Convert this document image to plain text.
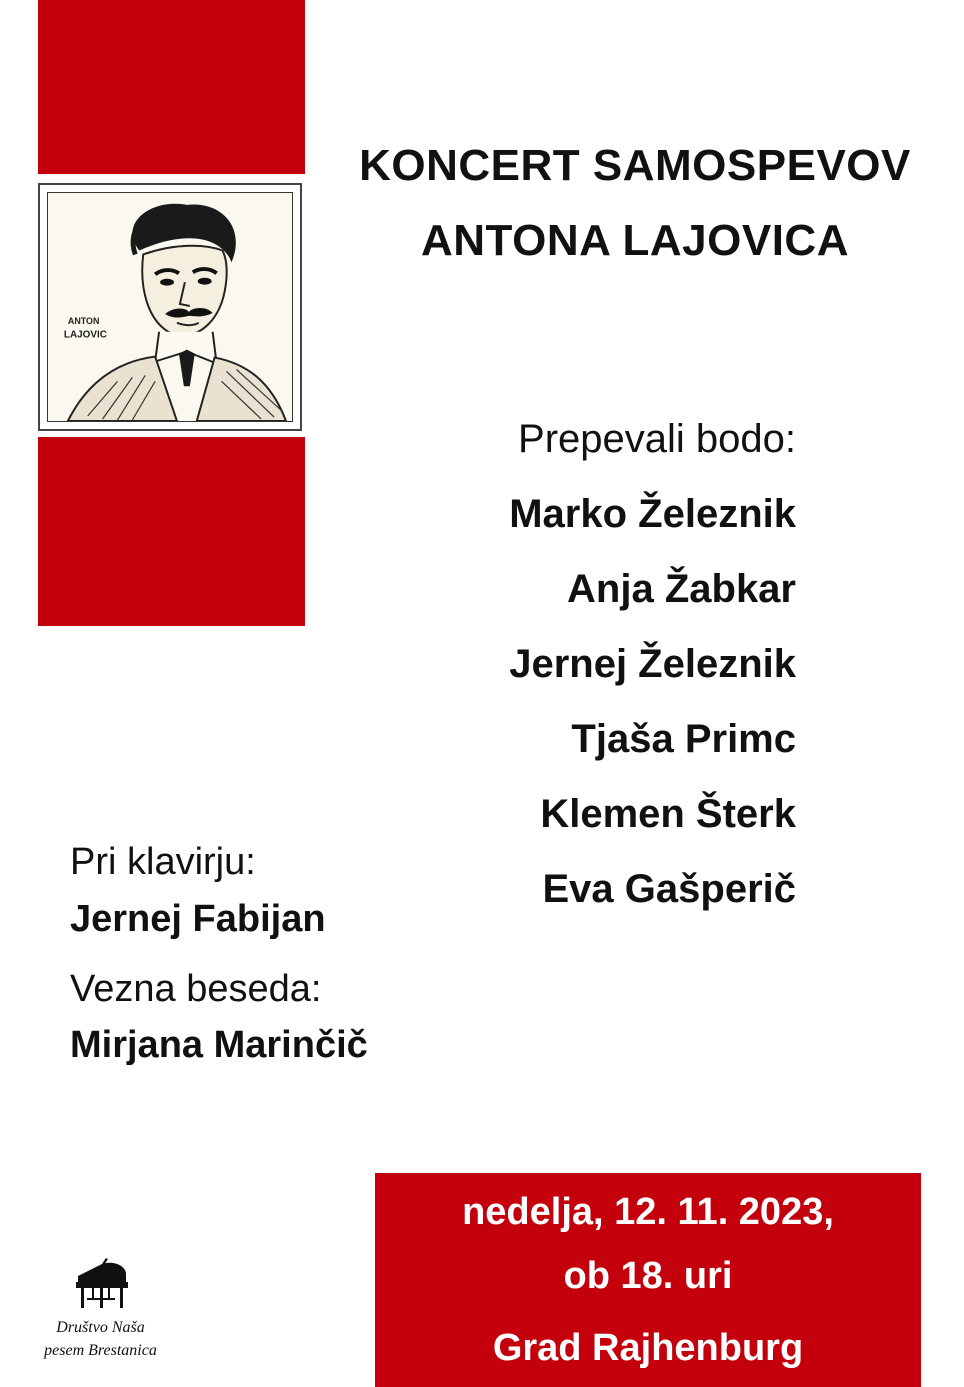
ANTON
LAJOVIC
KONCERT SAMOSPEVOV
ANTONA LAJOVICA
Prepevali bodo:
Marko Železnik
Anja Žabkar
Jernej Železnik
Tjaša Primc
Klemen Šterk
Eva Gašperič
Pri klavirju:
Jernej Fabijan
Vezna beseda:
Mirjana Marinčič
nedelja, 12. 11. 2023,
ob 18. uri
Grad Rajhenburg
Društvo Naša
pesem Brestanica
